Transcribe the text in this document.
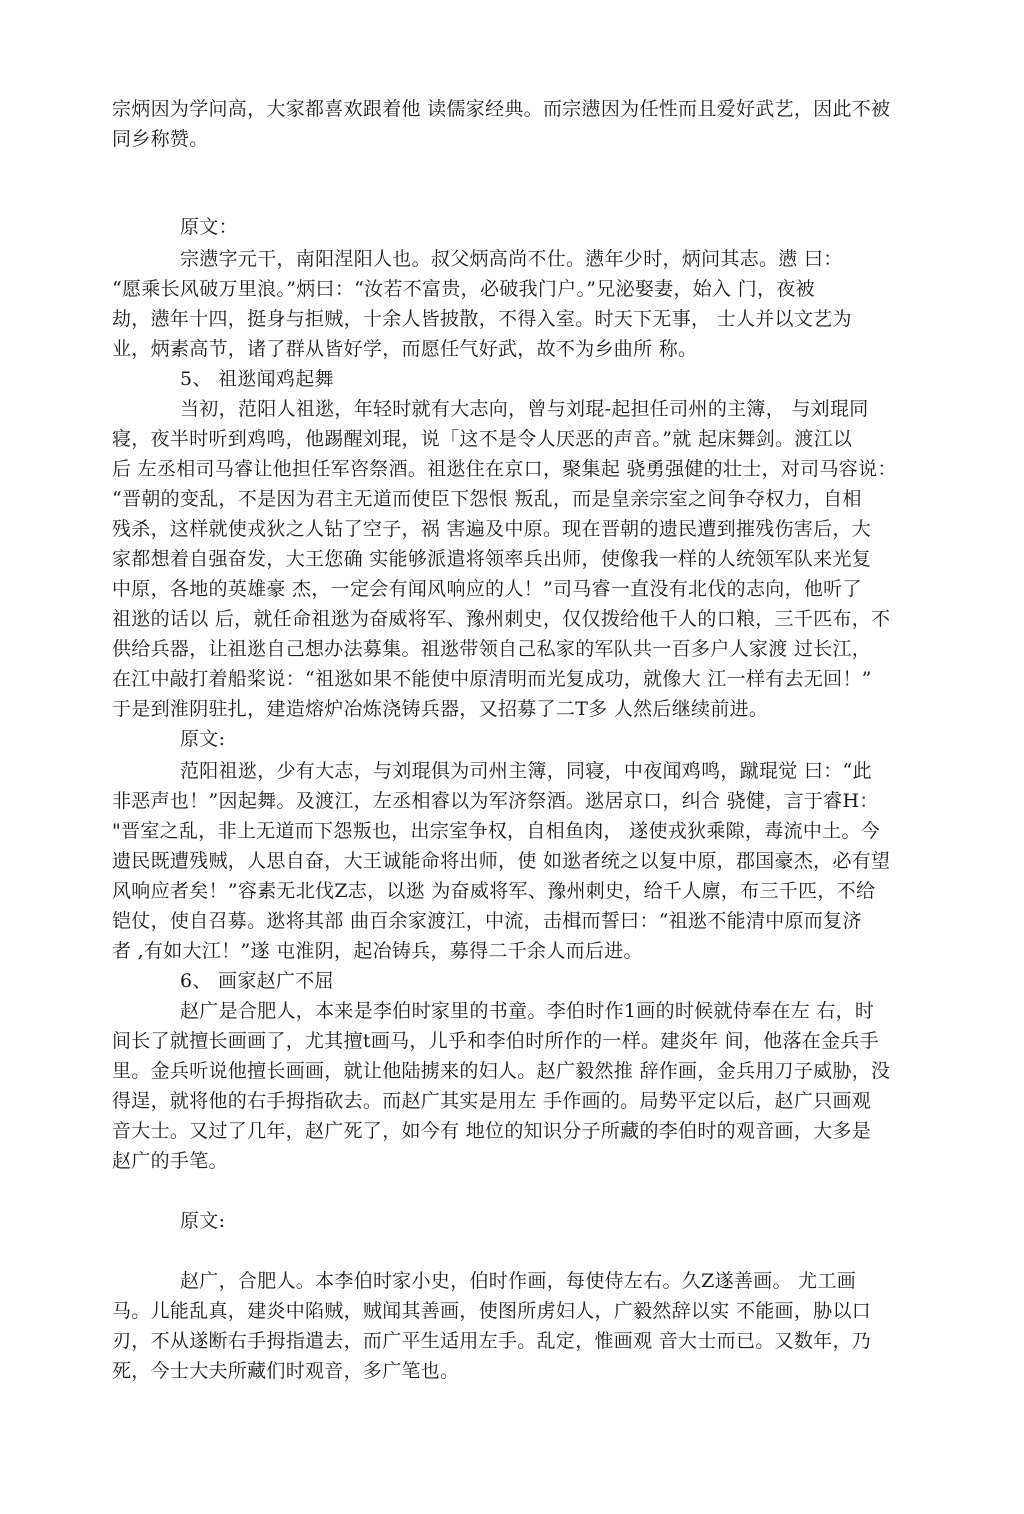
宗炳因为学问高，大家都喜欢跟着他 读儒家经典。而宗懑因为任性而且爱好武艺，因此不被
同乡称赞。
原文：
宗懑字元干，南阳涅阳人也。叔父炳高尚不仕。懑年少时，炳问其志。懑 曰：
“愿乘长风破万里浪。”炳曰：“汝若不富贵，必破我门户。”兄泌娶妻，始入 门，夜被
劫，懑年十四，挺身与拒贼，十余人皆披散，不得入室。时天下无事， 士人并以文艺为
业，炳素高节，诸了群从皆好学，而愿任气好武，故不为乡曲所 称。
5、 祖逖闻鸡起舞
当初，范阳人祖逖，年轻时就有大志向，曾与刘琨-起担任司州的主簿， 与刘琨同
寝，夜半时听到鸡鸣，他踢醒刘琨，说「这不是令人厌恶的声音。”就 起床舞剑。渡江以
后 左丞相司马睿让他担任军咨祭酒。祖逖住在京口，聚集起 骁勇强健的壮士，对司马容说：
“晋朝的变乱，不是因为君主无道而使臣下怨恨 叛乱，而是皇亲宗室之间争夺权力，自相
残杀，这样就使戎狄之人钻了空子，祸 害遍及中原。现在晋朝的遗民遭到摧残伤害后，大
家都想着自强奋发，大王您确 实能够派遣将领率兵出师，使像我一样的人统领军队来光复
中原，各地的英雄豪 杰，一定会有闻风响应的人！”司马睿一直没有北伐的志向，他听了
祖逖的话以 后，就任命祖逖为奋威将军、豫州刺史，仅仅拨给他千人的口粮，三千匹布，不
供给兵器，让祖逖自己想办法募集。祖逖带领自己私家的军队共一百多户人家渡 过长江，
在江中敲打着船桨说：“祖逖如果不能使中原清明而光复成功，就像大 江一样有去无回！”
于是到淮阴驻扎，建造熔炉冶炼浇铸兵器，又招募了二T多 人然后继续前进。
原文:
范阳祖逖，少有大志，与刘琨俱为司州主簿，同寝，中夜闻鸡鸣，蹴琨觉 曰：“此
非恶声也！”因起舞。及渡江，左丞相睿以为军济祭酒。逖居京口，纠合 骁健，言于睿H：
"晋室之乱，非上无道而下怨叛也，出宗室争权，自相鱼肉， 遂使戎狄乘隙，毒流中土。今
遗民既遭残贼，人思自奋，大王诚能命将出师，使 如逖者统之以复中原，郡国豪杰，必有望
风响应者矣！”容素无北伐Z志，以逖 为奋威将军、豫州刺史，给千人廪，布三千匹，不给
铠仗，使自召募。逖将其部 曲百余家渡江，中流，击楫而誓曰：“祖逖不能清中原而复济
者 ,有如大江！”遂 屯淮阴，起冶铸兵，募得二千余人而后进。
6、 画家赵广不屈
赵广是合肥人，本来是李伯时家里的书童。李伯时作1画的时候就侍奉在左 右，时
间长了就擅长画画了，尤其擅t画马，儿乎和李伯时所作的一样。建炎年 间，他落在金兵手
里。金兵听说他擅长画画，就让他陆掳来的妇人。赵广毅然推 辞作画，金兵用刀子威胁，没
得逞，就将他的右手拇指砍去。而赵广其实是用左 手作画的。局势平定以后，赵广只画观
音大士。又过了几年，赵广死了，如今有 地位的知识分子所藏的李伯时的观音画，大多是
赵广的手笔。
原文:
赵广，合肥人。本李伯时家小史，伯时作画，每使侍左右。久Z遂善画。 尤工画
马。儿能乱真，建炎中陷贼，贼闻其善画，使图所虏妇人，广毅然辞以实 不能画，胁以口
刃，不从遂断右手拇指遣去，而广平生适用左手。乱定，惟画观 音大士而已。又数年，乃
死，今士大夫所藏们时观音，多广笔也。
